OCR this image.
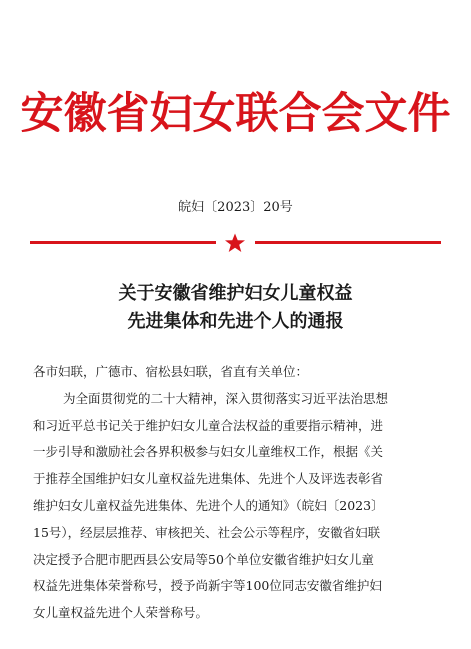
安徽省妇女联合会文件
皖妇〔2023〕20号
关于安徽省维护妇女儿童权益
先进集体和先进个人的通报
各市妇联，广德市、宿松县妇联，省直有关单位：
为全面贯彻党的二十大精神，深入贯彻落实习近平法治思想
和习近平总书记关于维护妇女儿童合法权益的重要指示精神，进
一步引导和激励社会各界积极参与妇女儿童维权工作，根据《关
于推荐全国维护妇女儿童权益先进集体、先进个人及评选表彰省
维护妇女儿童权益先进集体、先进个人的通知》（皖妇〔2023〕
15号），经层层推荐、审核把关、社会公示等程序，安徽省妇联
决定授予合肥市肥西县公安局等50个单位安徽省维护妇女儿童
权益先进集体荣誉称号，授予尚新宇等100位同志安徽省维护妇
女儿童权益先进个人荣誉称号。
